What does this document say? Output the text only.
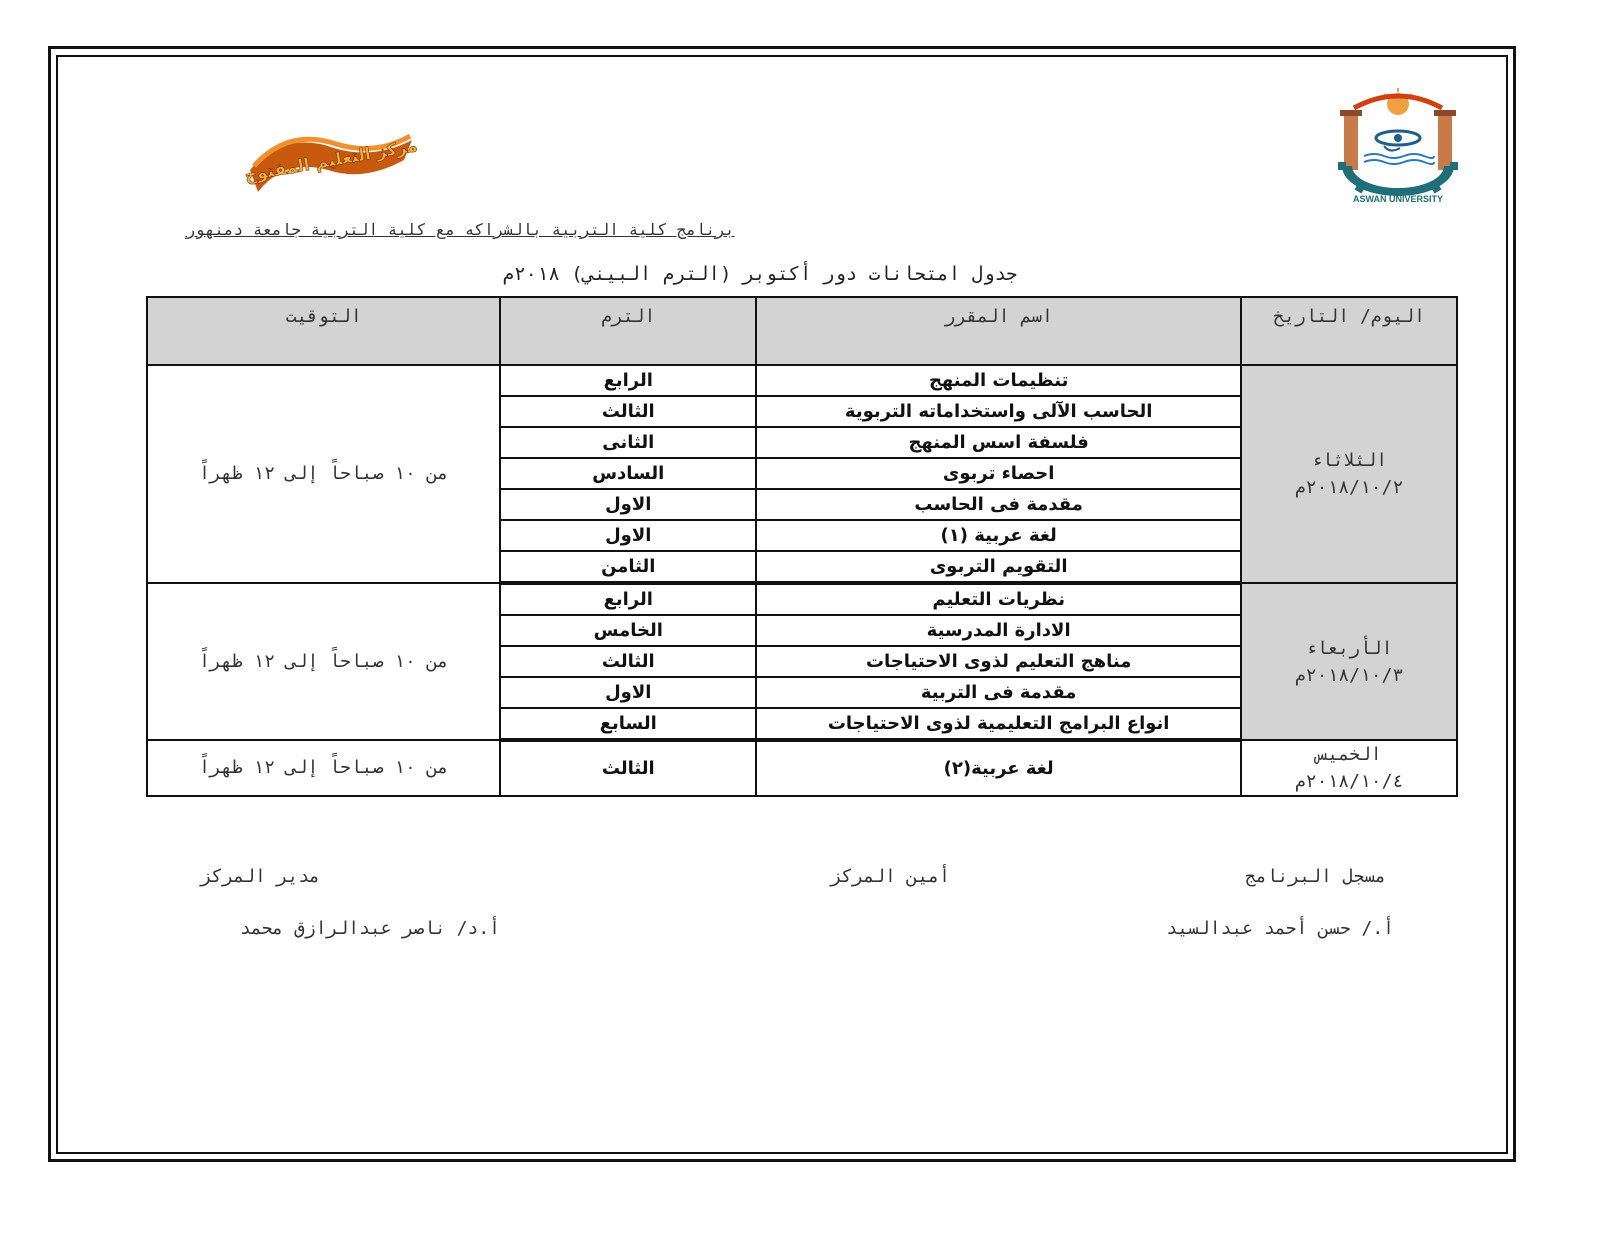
ASWAN UNIVERSITY
مركز التعليم المفتوح
برنامج كلية التربية بالشراكه مع كلية التربية جامعة دمنهور
جدول امتحانات دور أكتوبر (الترم البيني) ٢٠١٨م
اليوم/ التاريخ	اسم المقرر	الترم	التوقيت

الثلاثاء
٢٠١٨/١٠/٢م	تنظيمات المنهج	الرابع	من ١٠ صباحاً إلى ١٢ ظهراً
	الحاسب الآلى واستخداماته التربوية	الثالث	
	فلسفة اسس المنهج	الثانى	
	احصاء تربوى	السادس	
	مقدمة فى الحاسب	الاول	
	لغة عربية (١)	الاول	
	التقويم التربوى	الثامن	

الأربعاء
٢٠١٨/١٠/٣م	نظريات التعليم	الرابع	من ١٠ صباحاً إلى ١٢ ظهراً
	الادارة المدرسية	الخامس	
	مناهج التعليم لذوى الاحتياجات	الثالث	
	مقدمة فى التربية	الاول	
	انواع البرامج التعليمية لذوى الاحتياجات	السابع	

الخميس
٢٠١٨/١٠/٤م	لغة عربية(٢)	الثالث	من ١٠ صباحاً إلى ١٢ ظهراً
مسجل البرنامج
أ./ حسن أحمد عبدالسيد
أمين المركز
مدير المركز
أ.د/ ناصر عبدالرازق محمد
